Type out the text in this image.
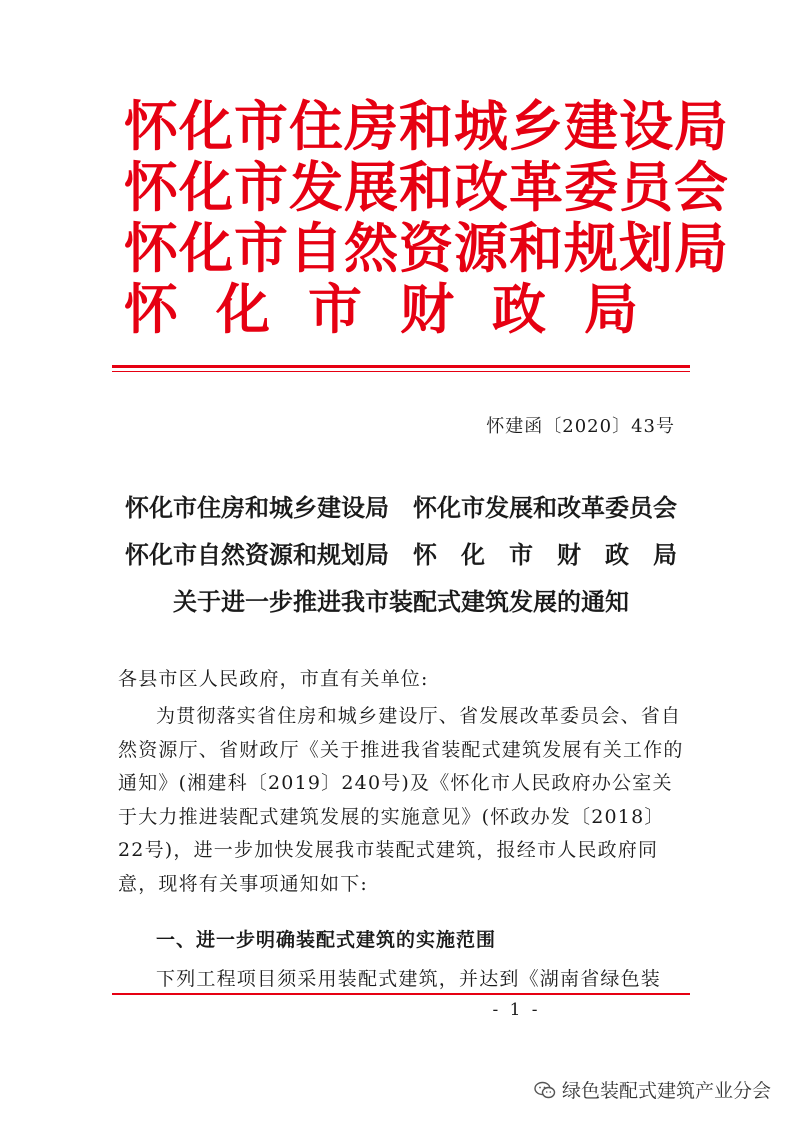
怀化市住房和城乡建设局
怀化市发展和改革委员会
怀化市自然资源和规划局
怀化市财政局
怀建函〔2020〕43号
怀化市住房和城乡建设局　怀化市发展和改革委员会
怀化市自然资源和规划局　怀　化　市　财　政　局
关于进一步推进我市装配式建筑发展的通知
各县市区人民政府，市直有关单位:
为贯彻落实省住房和城乡建设厅、省发展改革委员会、省自然资源厅、省财政厅《关于推进我省装配式建筑发展有关工作的通知》(湘建科〔2019〕240号)及《怀化市人民政府办公室关于大力推进装配式建筑发展的实施意见》(怀政办发〔2018〕22号)，进一步加快发展我市装配式建筑，报经市人民政府同意，现将有关事项通知如下:
一、进一步明确装配式建筑的实施范围
下列工程项目须采用装配式建筑，并达到《湖南省绿色装
- 1 -
绿色装配式建筑产业分会
